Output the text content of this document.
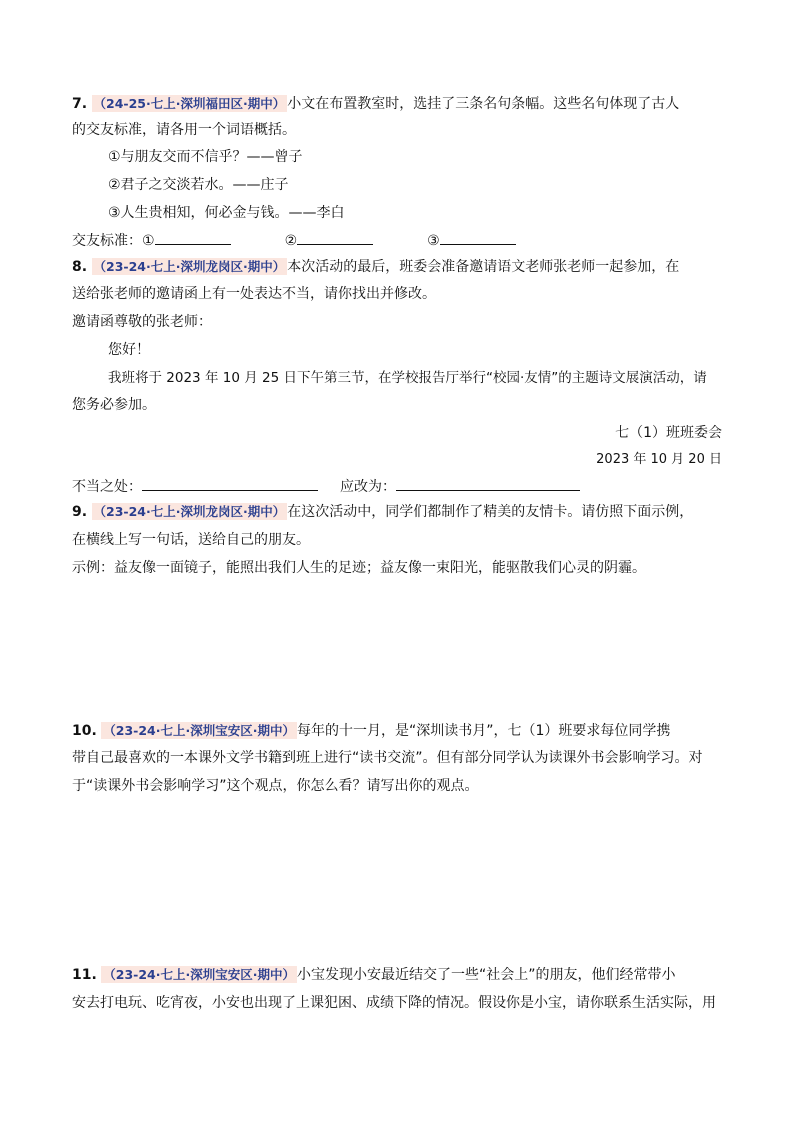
7. （24-25·七上·深圳福田区·期中） 小文在布置教室时，选挂了三条名句条幅。这些名句体现了古人
的交友标准，请各用一个词语概括。
①与朋友交而不信乎？——曾子
②君子之交淡若水。——庄子
③人生贵相知，何必金与钱。——李白
交友标准：①	②	③
8. （23-24·七上·深圳龙岗区·期中） 本次活动的最后，班委会准备邀请语文老师张老师一起参加，在
送给张老师的邀请函上有一处表达不当，请你找出并修改。
邀请函尊敬的张老师：
您好！
我班将于 2023 年 10 月 25 日下午第三节，在学校报告厅举行“校园·友情”的主题诗文展演活动，请
您务必参加。
七（1）班班委会
2023 年 10 月 20 日
不当之处：	应改为：
9. （23-24·七上·深圳龙岗区·期中） 在这次活动中，同学们都制作了精美的友情卡。请仿照下面示例，
在横线上写一句话，送给自己的朋友。
示例：益友像一面镜子，能照出我们人生的足迹；益友像一束阳光，能驱散我们心灵的阴霾。
10. （23-24·七上·深圳宝安区·期中） 每年的十一月，是“深圳读书月”，七（1）班要求每位同学携
带自己最喜欢的一本课外文学书籍到班上进行“读书交流”。但有部分同学认为读课外书会影响学习。对
于“读课外书会影响学习”这个观点，你怎么看？请写出你的观点。
11. （23-24·七上·深圳宝安区·期中） 小宝发现小安最近结交了一些“社会上”的朋友，他们经常带小
安去打电玩、吃宵夜，小安也出现了上课犯困、成绩下降的情况。假设你是小宝，请你联系生活实际，用
